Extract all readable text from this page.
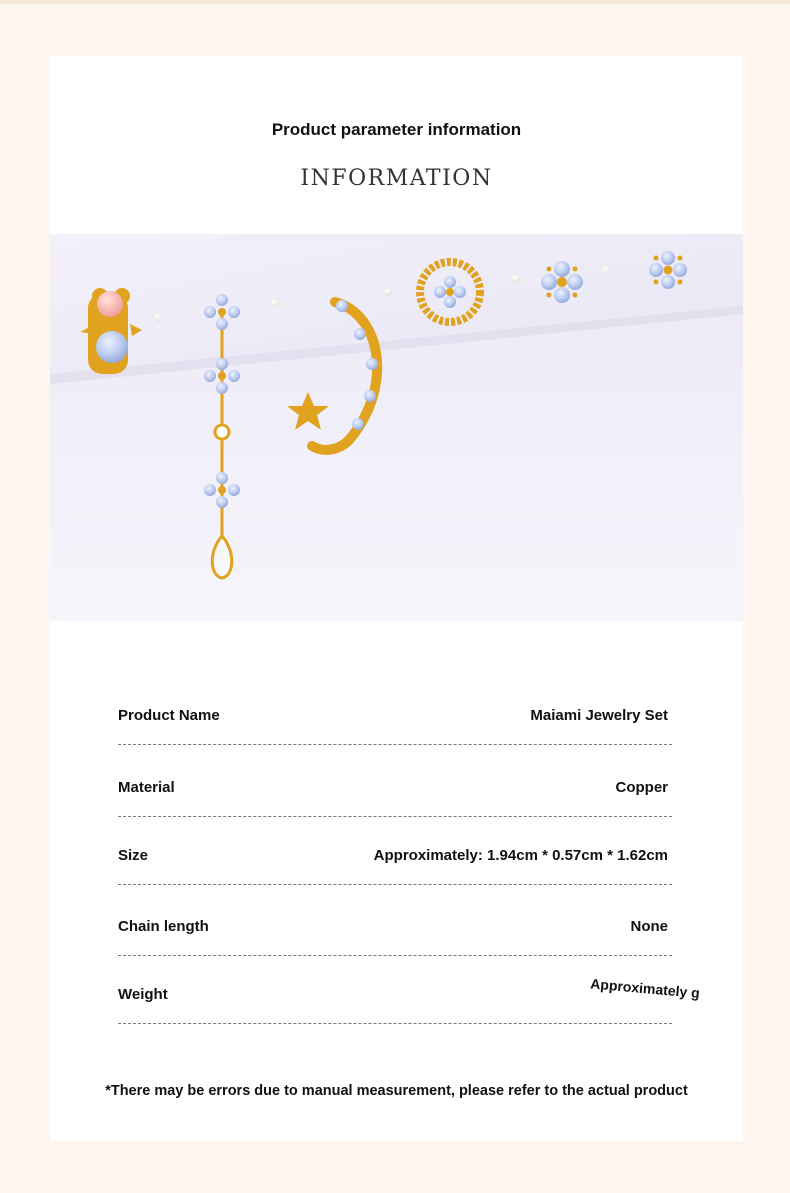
Product parameter information
INFORMATION
Product Name	Maiami Jewelry Set
Material	Copper
Size	Approximately: 1.94cm * 0.57cm * 1.62cm
Chain length	None
Weight	Approximately g
*There may be errors due to manual measurement, please refer to the actual product
